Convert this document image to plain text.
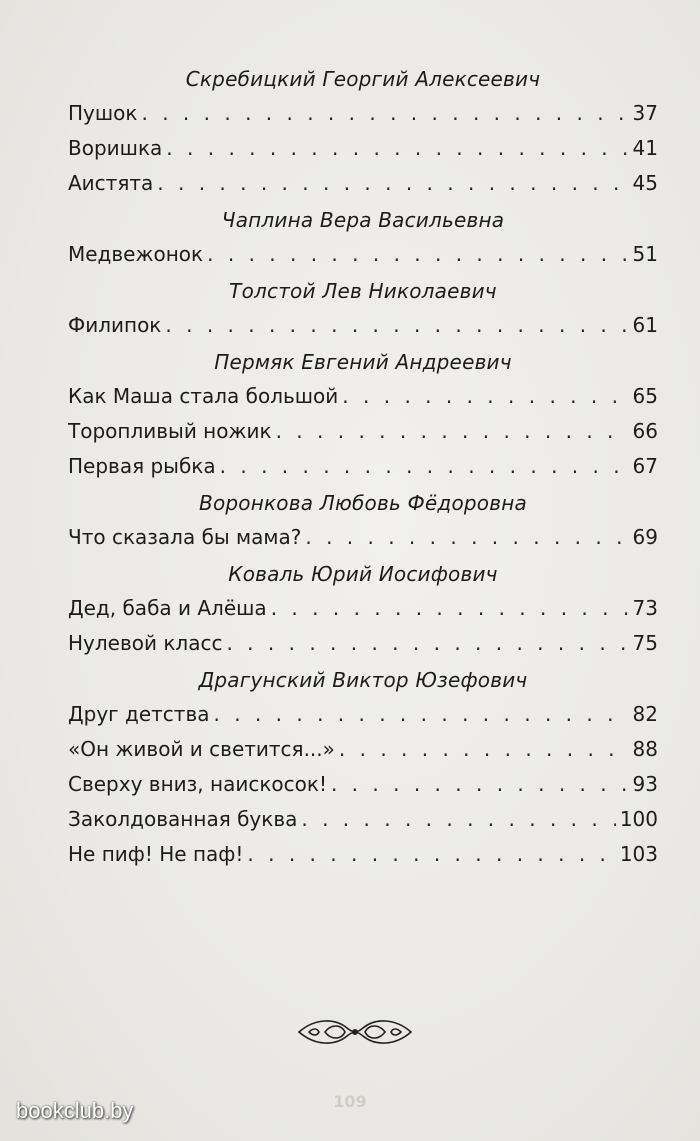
Скребицкий Георгий Алексеевич
Пушок . . .	37
Воришка . . .	41
Аистята . . .	45
Чаплина Вера Васильевна
Медвежонок . . .	51
Толстой Лев Николаевич
Филипок . . .	61
Пермяк Евгений Андреевич
Как Маша стала большой . . .	65
Торопливый ножик . . .	66
Первая рыбка . . .	67
Воронкова Любовь Фёдоровна
Что сказала бы мама? . . .	69
Коваль Юрий Иосифович
Дед, баба и Алёша . . .	73
Нулевой класс . . .	75
Драгунский Виктор Юзефович
Друг детства . . .	82
«Он живой и светится...» . . .	88
Сверху вниз, наискосок! . . .	93
Заколдованная буква . . .	100
Не пиф! Не паф! . . .	103
109
bookclub.by
